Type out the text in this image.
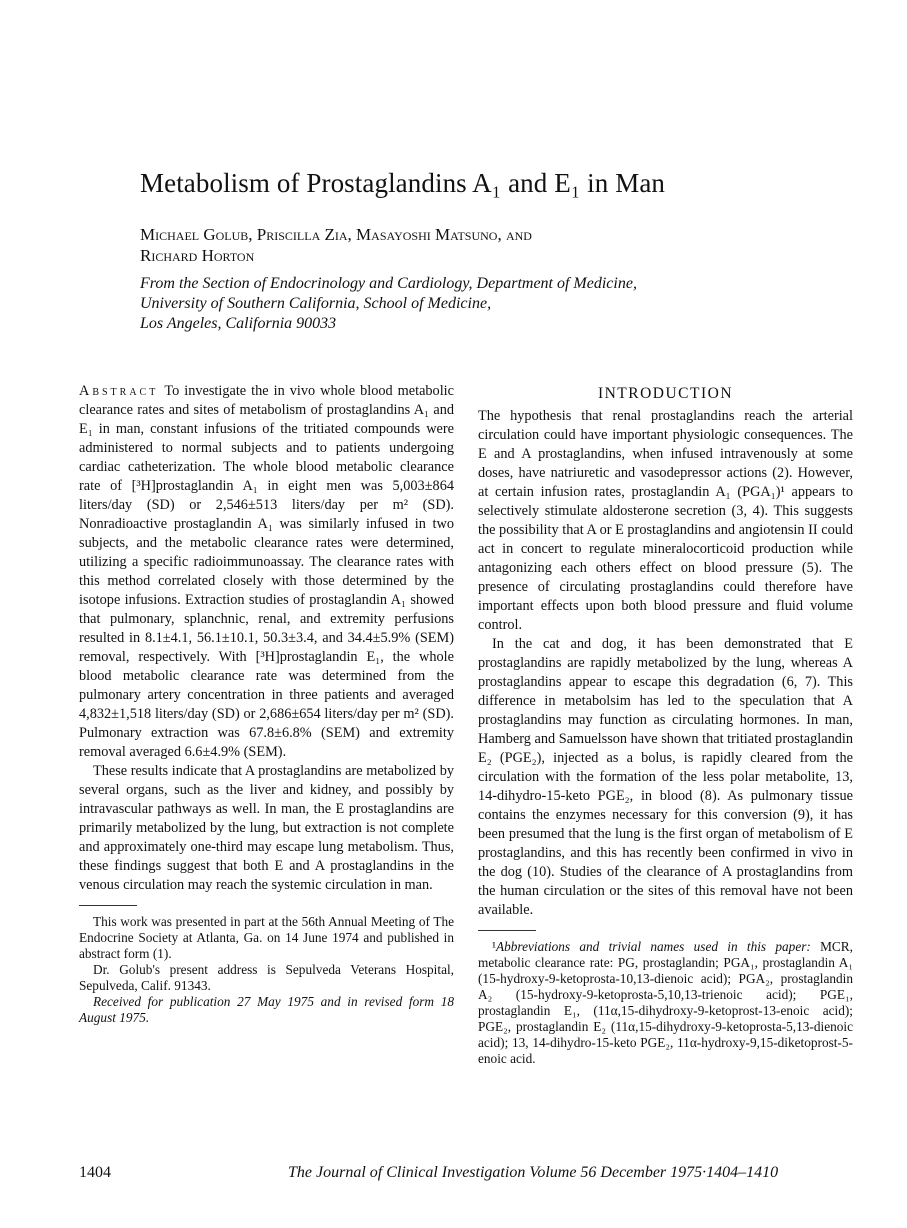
Metabolism of Prostaglandins A₁ and E₁ in Man
Michael Golub, Priscilla Zia, Masayoshi Matsuno, and
Richard Horton
From the Section of Endocrinology and Cardiology, Department of Medicine,
University of Southern California, School of Medicine,
Los Angeles, California 90033

Abstract To investigate the in vivo whole blood metabolic clearance rates and sites of metabolism of prostaglandins A₁ and E₁ in man, constant infusions of the tritiated compounds were administered to normal subjects and to patients undergoing cardiac catheterization. The whole blood metabolic clearance rate of [³H]prostaglandin A₁ in eight men was 5,003±864 liters/day (SD) or 2,546±513 liters/day per m² (SD). Nonradioactive prostaglandin A₁ was similarly infused in two subjects, and the metabolic clearance rates were determined, utilizing a specific radioimmunoassay. The clearance rates with this method correlated closely with those determined by the isotope infusions. Extraction studies of prostaglandin A₁ showed that pulmonary, splanchnic, renal, and extremity perfusions resulted in 8.1±4.1, 56.1±10.1, 50.3±3.4, and 34.4±5.9% (SEM) removal, respectively. With [³H]prostaglandin E₁, the whole blood metabolic clearance rate was determined from the pulmonary artery concentration in three patients and averaged 4,832±1,518 liters/day (SD) or 2,686±654 liters/day per m² (SD). Pulmonary extraction was 67.8±6.8% (SEM) and extremity removal averaged 6.6±4.9% (SEM).

These results indicate that A prostaglandins are metabolized by several organs, such as the liver and kidney, and possibly by intravascular pathways as well. In man, the E prostaglandins are primarily metabolized by the lung, but extraction is not complete and approximately one-third may escape lung metabolism. Thus, these findings suggest that both E and A prostaglandins in the venous circulation may reach the systemic circulation in man.

This work was presented in part at the 56th Annual Meeting of The Endocrine Society at Atlanta, Ga. on 14 June 1974 and published in abstract form (1).

Dr. Golub's present address is Sepulveda Veterans Hospital, Sepulveda, Calif. 91343.

Received for publication 27 May 1975 and in revised form 18 August 1975.

INTRODUCTION

The hypothesis that renal prostaglandins reach the arterial circulation could have important physiologic consequences. The E and A prostaglandins, when infused intravenously at some doses, have natriuretic and vasodepressor actions (2). However, at certain infusion rates, prostaglandin A₁ (PGA₁)¹ appears to selectively stimulate aldosterone secretion (3, 4). This suggests the possibility that A or E prostaglandins and angiotensin II could act in concert to regulate mineralocorticoid production while antagonizing each others effect on blood pressure (5). The presence of circulating prostaglandins could therefore have important effects upon both blood pressure and fluid volume control.

In the cat and dog, it has been demonstrated that E prostaglandins are rapidly metabolized by the lung, whereas A prostaglandins appear to escape this degradation (6, 7). This difference in metabolsim has led to the speculation that A prostaglandins may function as circulating hormones. In man, Hamberg and Samuelsson have shown that tritiated prostaglandin E₂ (PGE₂), injected as a bolus, is rapidly cleared from the circulation with the formation of the less polar metabolite, 13, 14-dihydro-15-keto PGE₂, in blood (8). As pulmonary tissue contains the enzymes necessary for this conversion (9), it has been presumed that the lung is the first organ of metabolism of E prostaglandins, and this has recently been confirmed in vivo in the dog (10). Studies of the clearance of A prostaglandins from the human circulation or the sites of this removal have not been available.

¹Abbreviations and trivial names used in this paper: MCR, metabolic clearance rate: PG, prostaglandin; PGA₁, prostaglandin A₁ (15-hydroxy-9-ketoprosta-10,13-dienoic acid); PGA₂, prostaglandin A₂ (15-hydroxy-9-ketoprosta-5,10,13-trienoic acid); PGE₁, prostaglandin E₁, (11α,15-dihydroxy-9-ketoprost-13-enoic acid); PGE₂, prostaglandin E₂ (11α,15-dihydroxy-9-ketoprosta-5,13-dienoic acid); 13, 14-dihydro-15-keto PGE₂, 11α-hydroxy-9,15-diketoprost-5-enoic acid.

1404	The Journal of Clinical Investigation Volume 56 December 1975·1404–1410
